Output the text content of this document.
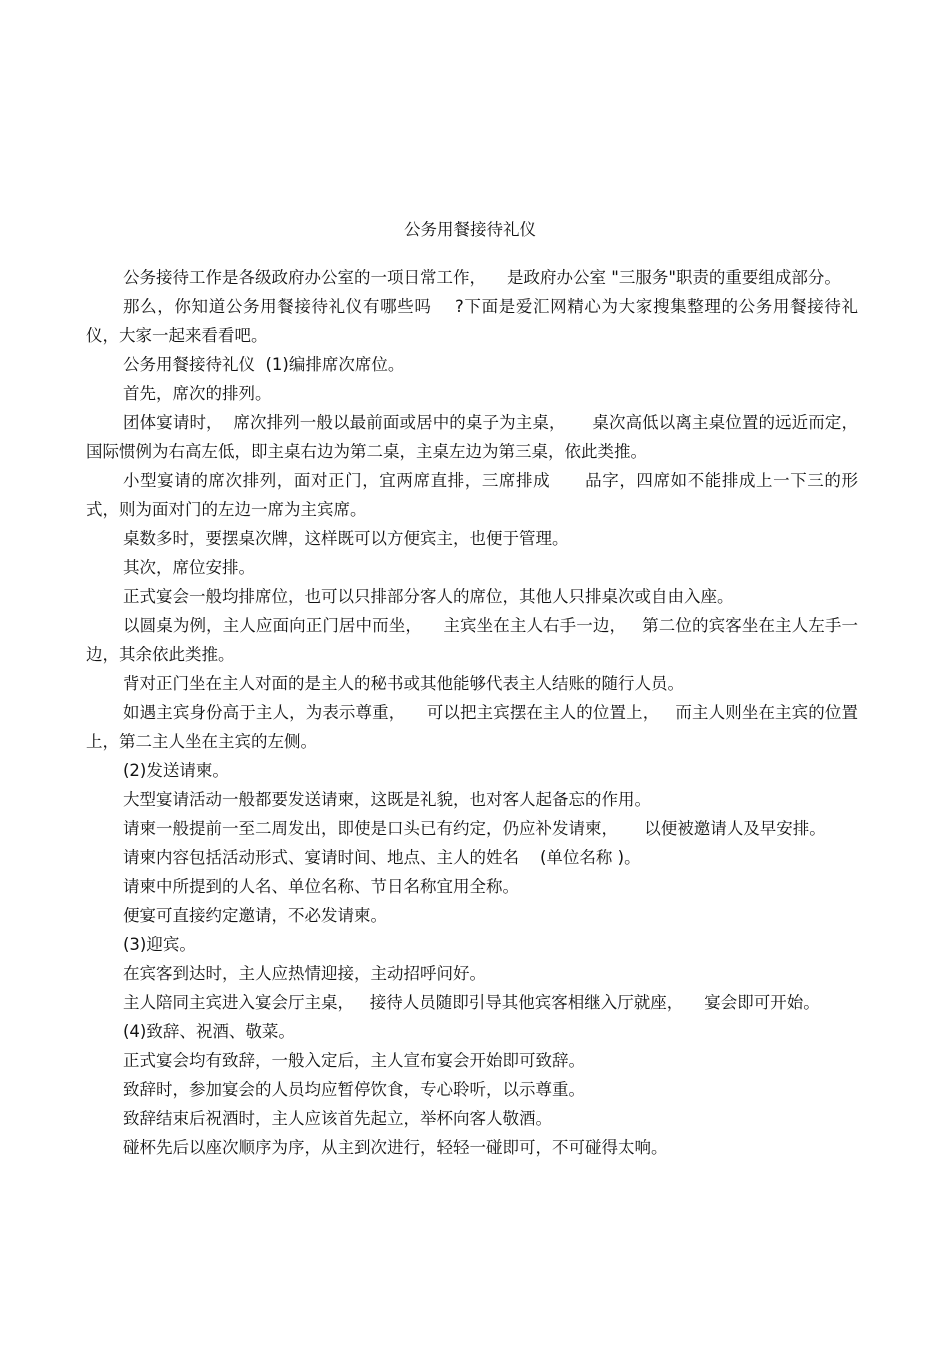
公务用餐接待礼仪

公务接待工作是各级政府办公室的一项日常工作，    是政府办公室 "三服务"职责的重要组成部分。

那么，你知道公务用餐接待礼仪有哪些吗    ?下面是爱汇网精心为大家搜集整理的公务用餐接待礼仪，大家一起来看看吧。

公务用餐接待礼仪  (1)编排席次席位。

首先，席次的排列。

团体宴请时，  席次排列一般以最前面或居中的桌子为主桌，     桌次高低以离主桌位置的远近而定，国际惯例为右高左低，即主桌右边为第二桌，主桌左边为第三桌，依此类推。

小型宴请的席次排列，面对正门，宜两席直排，三席排成      品字，四席如不能排成上一下三的形式，则为面对门的左边一席为主宾席。

桌数多时，要摆桌次牌，这样既可以方便宾主，也便于管理。

其次，席位安排。

正式宴会一般均排席位，也可以只排部分客人的席位，其他人只排桌次或自由入座。

以圆桌为例，主人应面向正门居中而坐，    主宾坐在主人右手一边，   第二位的宾客坐在主人左手一边，其余依此类推。

背对正门坐在主人对面的是主人的秘书或其他能够代表主人结账的随行人员。

如遇主宾身份高于主人，为表示尊重，    可以把主宾摆在主人的位置上，   而主人则坐在主宾的位置上，第二主人坐在主宾的左侧。

(2)发送请柬。

大型宴请活动一般都要发送请柬，这既是礼貌，也对客人起备忘的作用。

请柬一般提前一至二周发出，即使是口头已有约定，仍应补发请柬，     以便被邀请人及早安排。

请柬内容包括活动形式、宴请时间、地点、主人的姓名    (单位名称 )。

请柬中所提到的人名、单位名称、节日名称宜用全称。

便宴可直接约定邀请，不必发请柬。

(3)迎宾。

在宾客到达时，主人应热情迎接，主动招呼问好。

主人陪同主宾进入宴会厅主桌，   接待人员随即引导其他宾客相继入厅就座，    宴会即可开始。

(4)致辞、祝酒、敬菜。

正式宴会均有致辞，一般入定后，主人宣布宴会开始即可致辞。

致辞时，参加宴会的人员均应暂停饮食，专心聆听，以示尊重。

致辞结束后祝酒时，主人应该首先起立，举杯向客人敬酒。

碰杯先后以座次顺序为序，从主到次进行，轻轻一碰即可，不可碰得太响。
